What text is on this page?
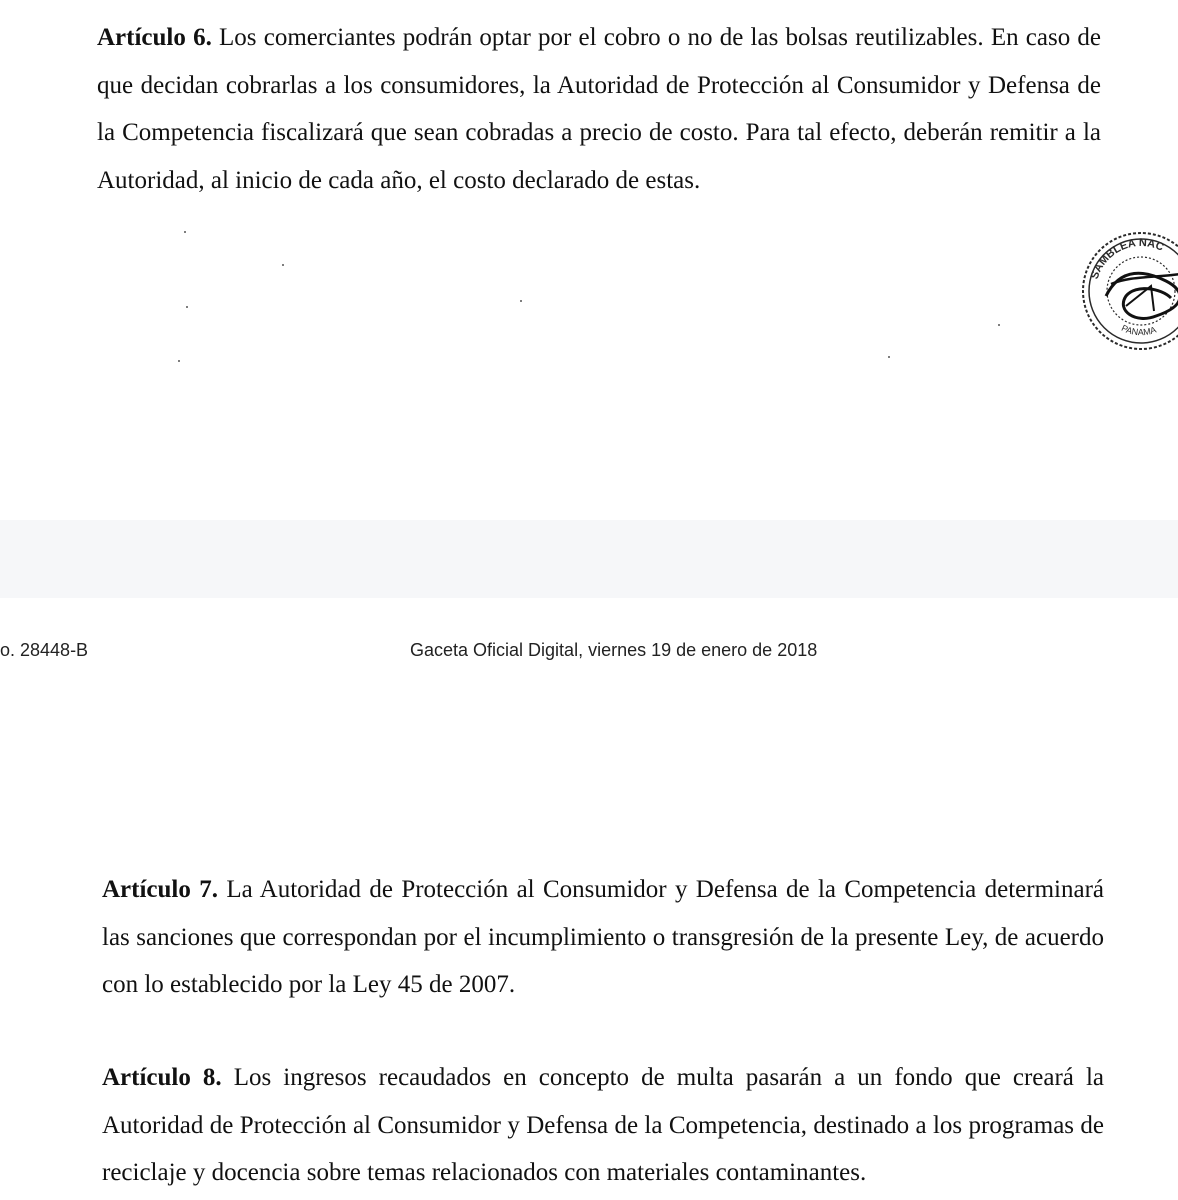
Artículo 6. Los comerciantes podrán optar por el cobro o no de las bolsas reutilizables. En caso de que decidan cobrarlas a los consumidores, la Autoridad de Protección al Consumidor y Defensa de la Competencia fiscalizará que sean cobradas a precio de costo. Para tal efecto, deberán remitir a la Autoridad, al inicio de cada año, el costo declarado de estas.

SAMBLEA NAC
PANAMA
o. 28448-B	Gaceta Oficial Digital, viernes 19 de enero de 2018

Artículo 7. La Autoridad de Protección al Consumidor y Defensa de la Competencia determinará las sanciones que correspondan por el incumplimiento o transgresión de la presente Ley, de acuerdo con lo establecido por la Ley 45 de 2007.

Artículo 8. Los ingresos recaudados en concepto de multa pasarán a un fondo que creará la Autoridad de Protección al Consumidor y Defensa de la Competencia, destinado a los programas de reciclaje y docencia sobre temas relacionados con materiales contaminantes.
